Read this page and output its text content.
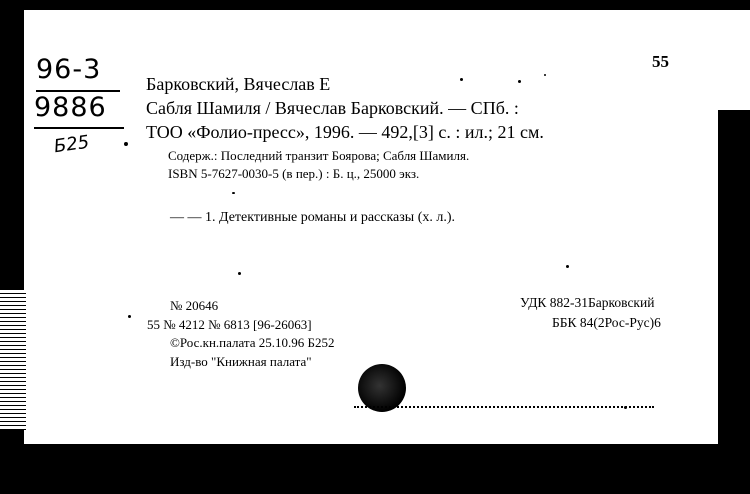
96-3
9886
Б25
55
Барковский, Вячеслав Е
Сабля Шамиля / Вячеслав Барковский. — СПб. :
ТОО «Фолио-пресс», 1996. — 492,[3] с. : ил.; 21 см.
Содерж.: Последний транзит Боярова; Сабля Шамиля.
ISBN 5-7627-0030-5 (в пер.) : Б. ц., 25000 экз.
— — 1. Детективные романы и рассказы (х. л.).
№ 20646
55 № 4212 № 6813 [96-26063]
©Рос.кн.палата 25.10.96 Б252
Изд-во "Книжная палата"
УДК 882-31Барковский
ББК 84(2Рос-Рус)6
